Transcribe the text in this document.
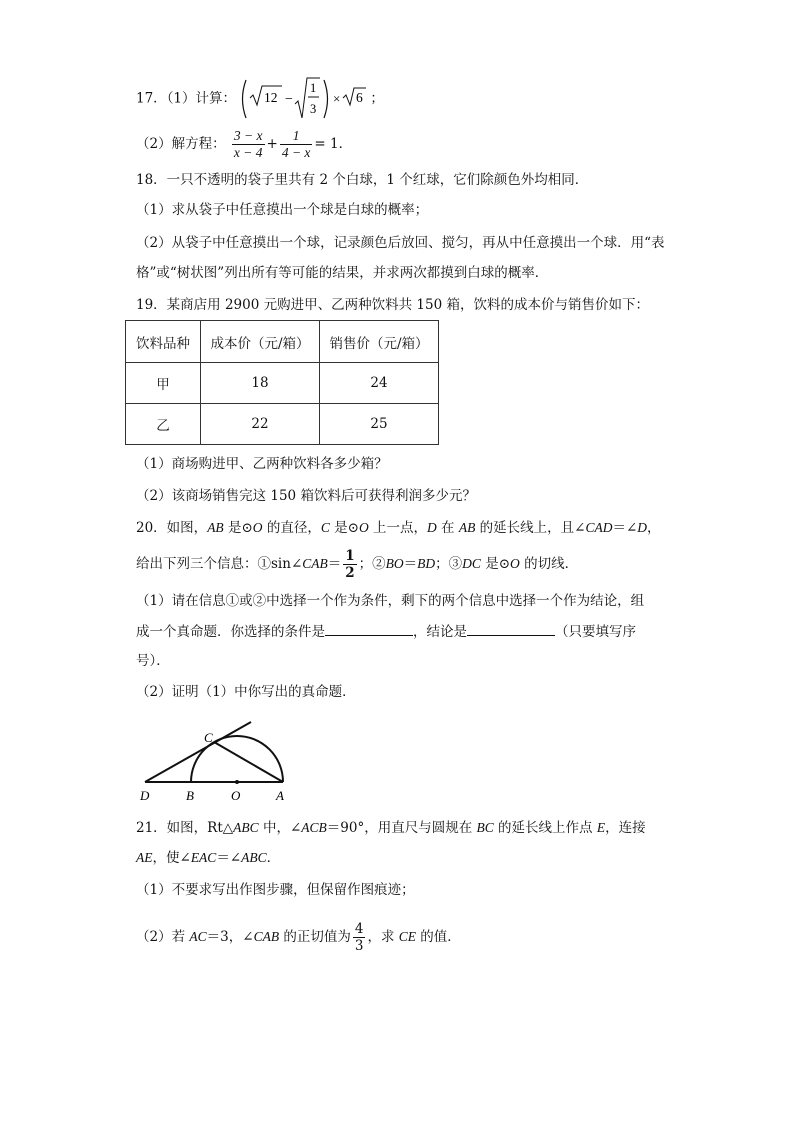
17．（1）计算： 12 −
1
3
× 6 ；
（2）解方程： $\frac{3 - x}{x - 4} + \frac{1}{4 - x} = 1$．
18．一只不透明的袋子里共有 2 个白球，1 个红球，它们除颜色外均相同．
（1）求从袋子中任意摸出一个球是白球的概率；
（2）从袋子中任意摸出一个球，记录颜色后放回、搅匀，再从中任意摸出一个球．用“表
格”或“树状图”列出所有等可能的结果，并求两次都摸到白球的概率．
19．某商店用 2900 元购进甲、乙两种饮料共 150 箱，饮料的成本价与销售价如下：
饮料品种	成本价（元/箱）	销售价（元/箱）
甲	18	24
乙	22	25
（1）商场购进甲、乙两种饮料各多少箱？
（2）该商场销售完这 150 箱饮料后可获得利润多少元？
20．如图，AB 是⊙O 的直径，C 是⊙O 上一点，D 在 AB 的延长线上，且∠CAD＝∠D，
给出下列三个信息：①sin∠CAB＝ $\frac{1}{2}$ ；②BO＝BD；③DC 是⊙O 的切线．
（1）请在信息①或②中选择一个作为条件，剩下的两个信息中选择一个作为结论，组
成一个真命题．你选择的条件是	，结论是	（只要填写序
号）．
（2）证明（1）中你写出的真命题．
C
D	B	O	A
21．如图，Rt△ABC 中，∠ACB＝90°，用直尺与圆规在 BC 的延长线上作点 E，连接
AE，使∠EAC＝∠ABC．
（1）不要求写出作图步骤，但保留作图痕迹；
（2）若 AC＝3，∠CAB 的正切值为 $\frac{4}{3}$ ，求 CE 的值．
